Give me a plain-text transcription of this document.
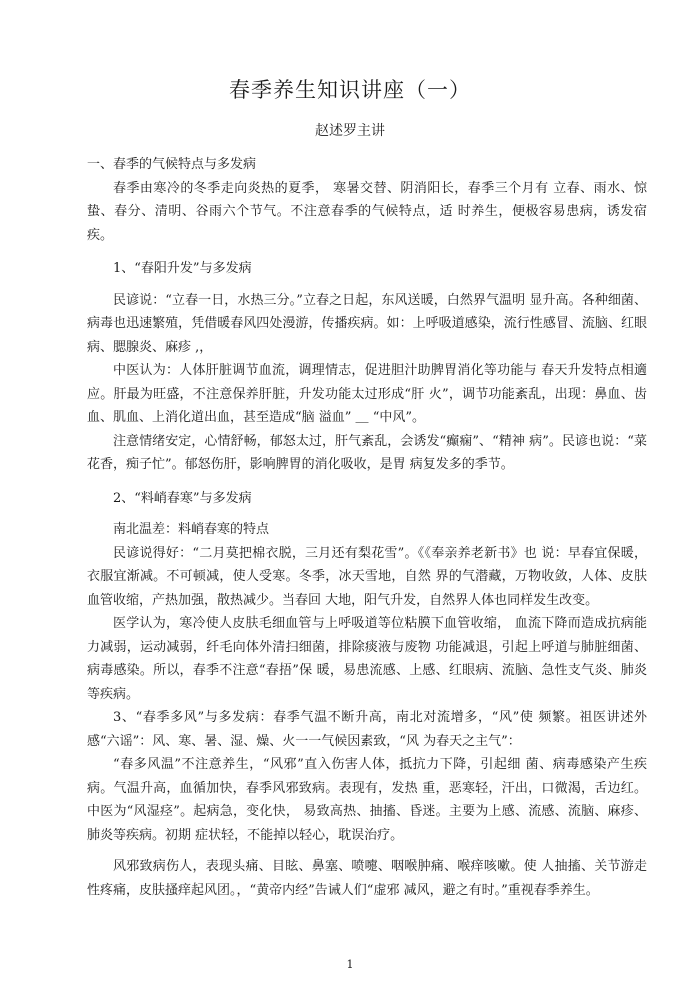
春季养生知识讲座（一）
赵述罗主讲

一、春季的气候特点与多发病

春季由寒冷的冬季走向炎热的夏季， 寒暑交替、阴消阳长，春季三个月有 立春、雨水、惊蛰、春分、清明、谷雨六个节气。不注意春季的气候特点，适 时养生，便极容易患病，诱发宿疾。

1、“春阳升发”与多发病

民谚说：“立春一日，水热三分。”立春之日起，东风送暖，白然界气温明 显升高。各种细菌、病毒也迅速繁殖，凭借暖春风四处漫游，传播疾病。如：上呼吸道感染，流行性感冒、流脑、红眼病、腮腺炎、麻疹 ,，

中医认为：人体肝脏调节血流，调理情志，促进胆汁助脾胃消化等功能与 春天升发特点相適应。肝最为旺盛，不注意保养肝脏，升发功能太过形成“肝 火”，调节功能紊乱，出现：鼻血、齿血、肌血、上消化道出血，甚至造成“脑 溢血” ＿ “中风”。

注意情绪安定，心情舒畅，郁怒太过，肝气紊乱，会诱发“癫痫”、“精神 病”。民谚也说：“菜花香，痴子忙”。郁怒伤肝，影响脾胃的消化吸收，是胃 病复发多的季节。

2、“料峭春寒”与多发病

南北温差：料峭春寒的特点

民谚说得好：“二月莫把棉衣脱，三月还有梨花雪”。《《奉亲养老新书》也 说：早春宜保暖，衣服宜渐减。不可顿减，使人受寒。冬季，冰天雪地，自然 界的气潜藏，万物收敛，人体、皮肤血管收缩，产热加强，散热减少。当春回 大地，阳气升发，自然界人体也同样发生改变。

医学认为，寒冷使人皮肤毛细血管与上呼吸道等位粘膜下血管收缩， 血流下降而造成抗病能力减弱，运动减弱，纤毛向体外清扫细菌，排除痰液与废物 功能减退，引起上呼道与肺脏细菌、病毒感染。所以，春季不注意“春捂”保 暖，易患流感、上感、红眼病、流脑、急性支气炎、肺炎等疾病。

3、“春季多风”与多发病：春季气温不断升高，南北对流增多，“风”使 频繁。祖医讲述外感“六谣”：风、寒、暑、湿、燥、火一一气候因素致，“风 为春天之主气”：

“春多风温”不注意养生，“风邪”直入伤害人体，抵抗力下降，引起细 菌、病毒感染产生疾病。气温升高，血循加快，春季风邪致病。表现有，发热 重，恶寒轻，汗出，口微渴，舌边红。中医为“风湿痉”。起病急，变化快， 易致高热、抽搐、昏迷。主要为上感、流感、流脑、麻疹、肺炎等疾病。初期 症状轻，不能掉以轻心，耽误治疗。

风邪致病伤人，表现头痛、目眩、鼻塞、喷嚏、咽喉肿痛、喉痒咳嗽。使 人抽搐、关节游走性疼痛，皮肤搔痒起风团。，“黄帝内经”告诫人们“虚邪 减风，避之有时。”重视春季养生。

1
